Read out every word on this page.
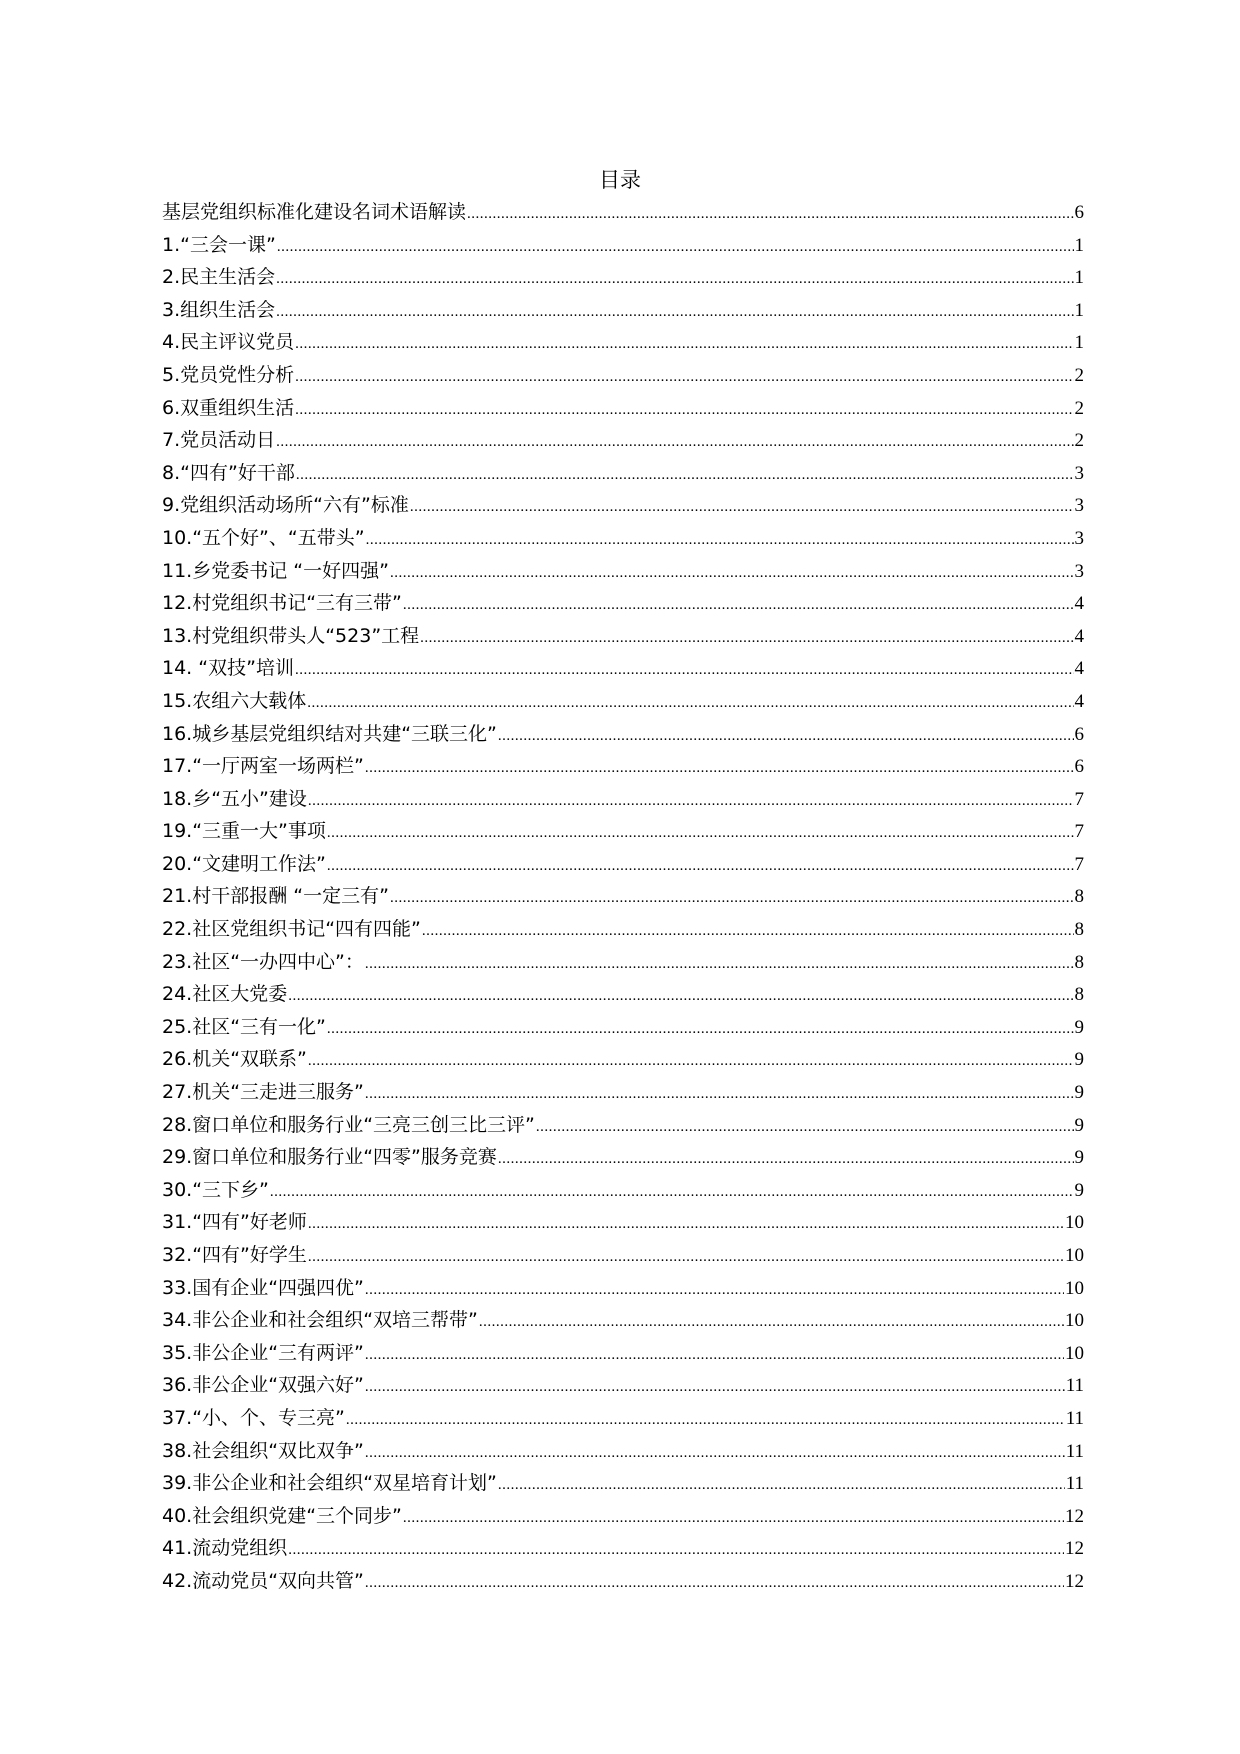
目录
基层党组织标准化建设名词术语解读 .....	6
1.“三会一课” .....	1
2.民主生活会 .....	1
3.组织生活会 .....	1
4.民主评议党员 .....	1
5.党员党性分析 .....	2
6.双重组织生活 .....	2
7.党员活动日 .....	2
8.“四有”好干部 .....	3
9.党组织活动场所“六有”标准 .....	3
10.“五个好”、“五带头” .....	3
11.乡党委书记 “一好四强” .....	3
12.村党组织书记“三有三带” .....	4
13.村党组织带头人“523”工程 .....	4
14. “双技”培训 .....	4
15.农组六大载体 .....	4
16.城乡基层党组织结对共建“三联三化” .....	6
17.“一厅两室一场两栏” .....	6
18.乡“五小”建设 .....	7
19.“三重一大”事项 .....	7
20.“文建明工作法” .....	7
21.村干部报酬 “一定三有” .....	8
22.社区党组织书记“四有四能” .....	8
23.社区“一办四中心”： .....	8
24.社区大党委 .....	8
25.社区“三有一化” .....	9
26.机关“双联系” .....	9
27.机关“三走进三服务” .....	9
28.窗口单位和服务行业“三亮三创三比三评” .....	9
29.窗口单位和服务行业“四零”服务竞赛 .....	9
30.“三下乡” .....	9
31.“四有”好老师 .....	10
32.“四有”好学生 .....	10
33.国有企业“四强四优” .....	10
34.非公企业和社会组织“双培三帮带” .....	10
35.非公企业“三有两评” .....	10
36.非公企业“双强六好” .....	11
37.“小、个、专三亮” .....	11
38.社会组织“双比双争” .....	11
39.非公企业和社会组织“双星培育计划” .....	11
40.社会组织党建“三个同步” .....	12
41.流动党组织 .....	12
42.流动党员“双向共管” .....	12
